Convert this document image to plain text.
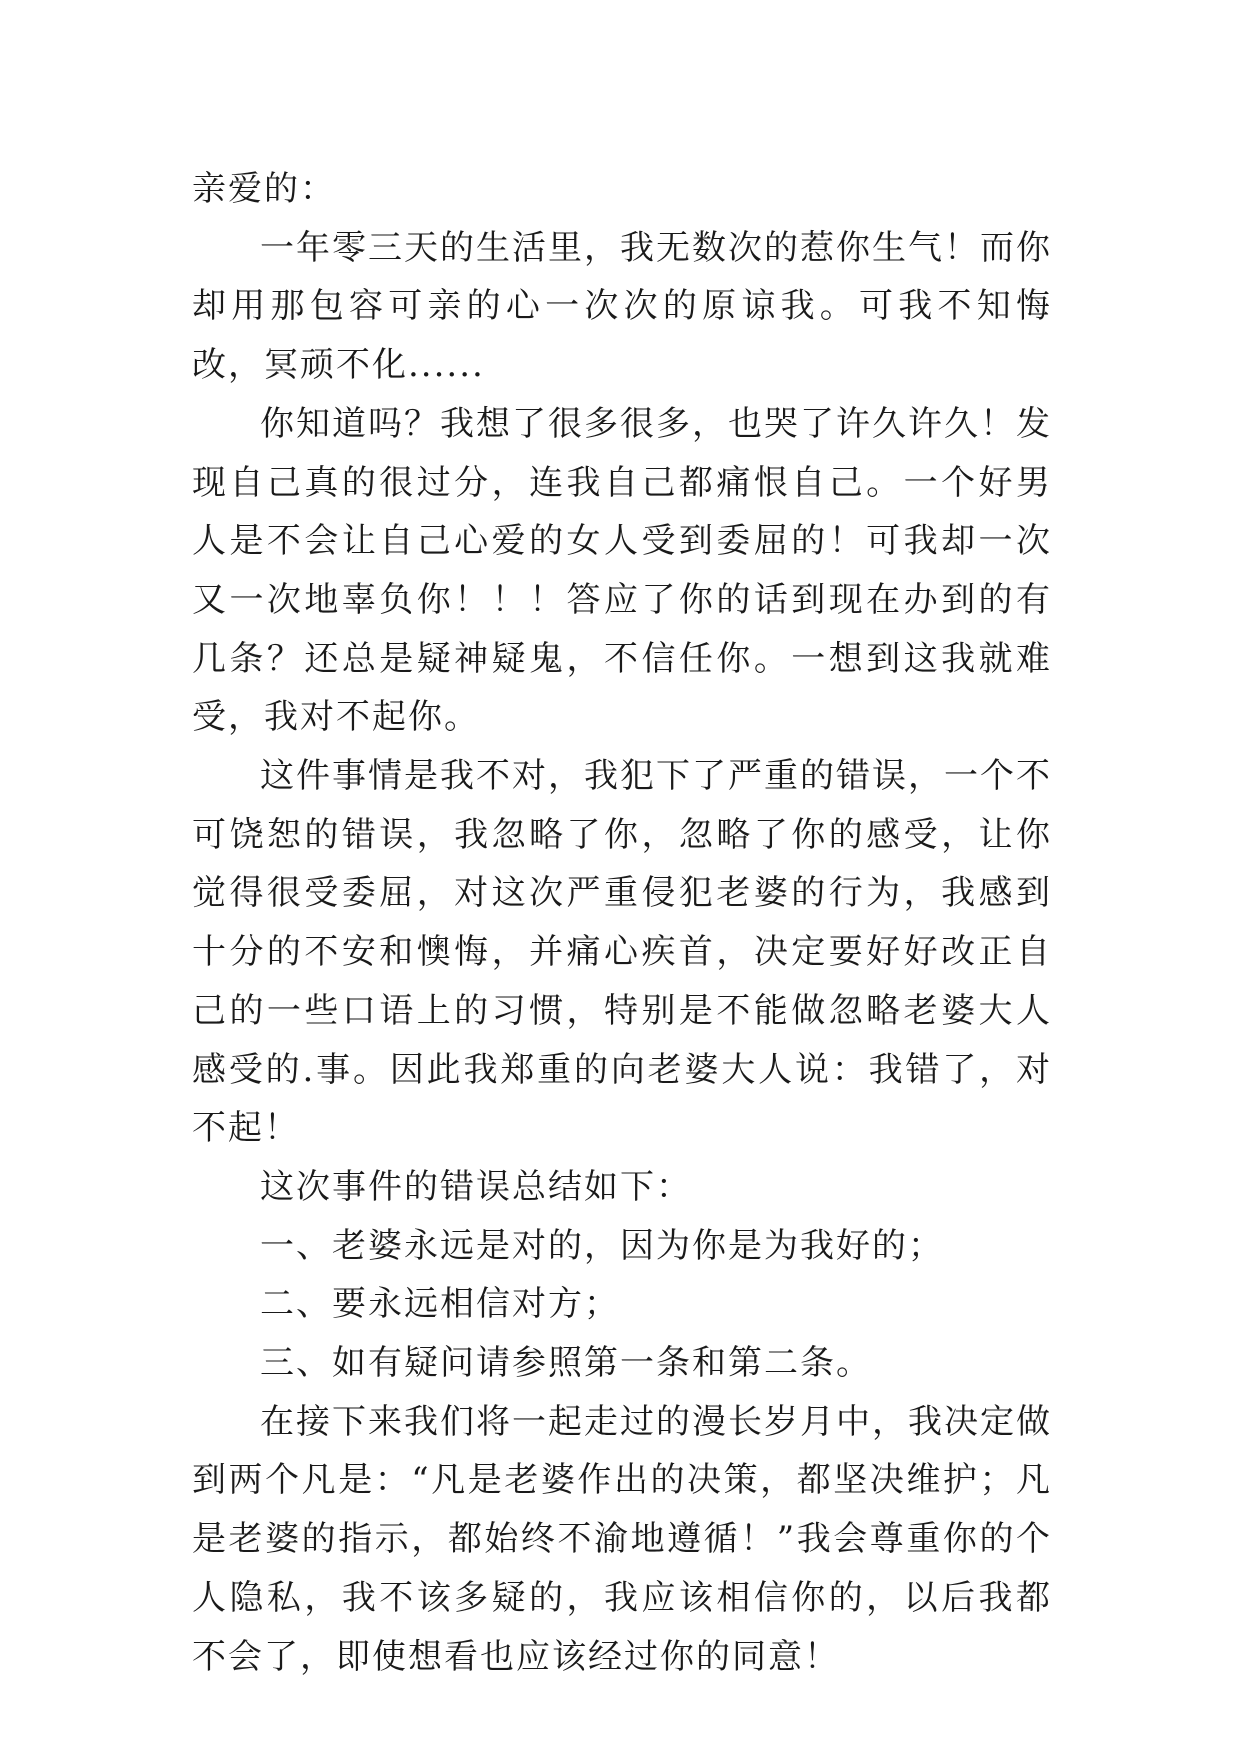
亲爱的：

一年零三天的生活里，我无数次的惹你生气！而你却用那包容可亲的心一次次的原谅我。可我不知悔改，冥顽不化......

你知道吗？我想了很多很多，也哭了许久许久！发现自己真的很过分，连我自己都痛恨自己。一个好男人是不会让自己心爱的女人受到委屈的！可我却一次又一次地辜负你！！！答应了你的话到现在办到的有几条？还总是疑神疑鬼，不信任你。一想到这我就难受，我对不起你。

这件事情是我不对，我犯下了严重的错误，一个不可饶恕的错误，我忽略了你，忽略了你的感受，让你觉得很受委屈，对这次严重侵犯老婆的行为，我感到十分的不安和懊悔，并痛心疾首，决定要好好改正自己的一些口语上的习惯，特别是不能做忽略老婆大人感受的.事。因此我郑重的向老婆大人说：我错了，对不起！

这次事件的错误总结如下：

一、老婆永远是对的，因为你是为我好的；

二、要永远相信对方；

三、如有疑问请参照第一条和第二条。

在接下来我们将一起走过的漫长岁月中，我决定做到两个凡是：“凡是老婆作出的决策，都坚决维护；凡是老婆的指示，都始终不渝地遵循！”我会尊重你的个人隐私，我不该多疑的，我应该相信你的，以后我都不会了，即使想看也应该经过你的同意！
